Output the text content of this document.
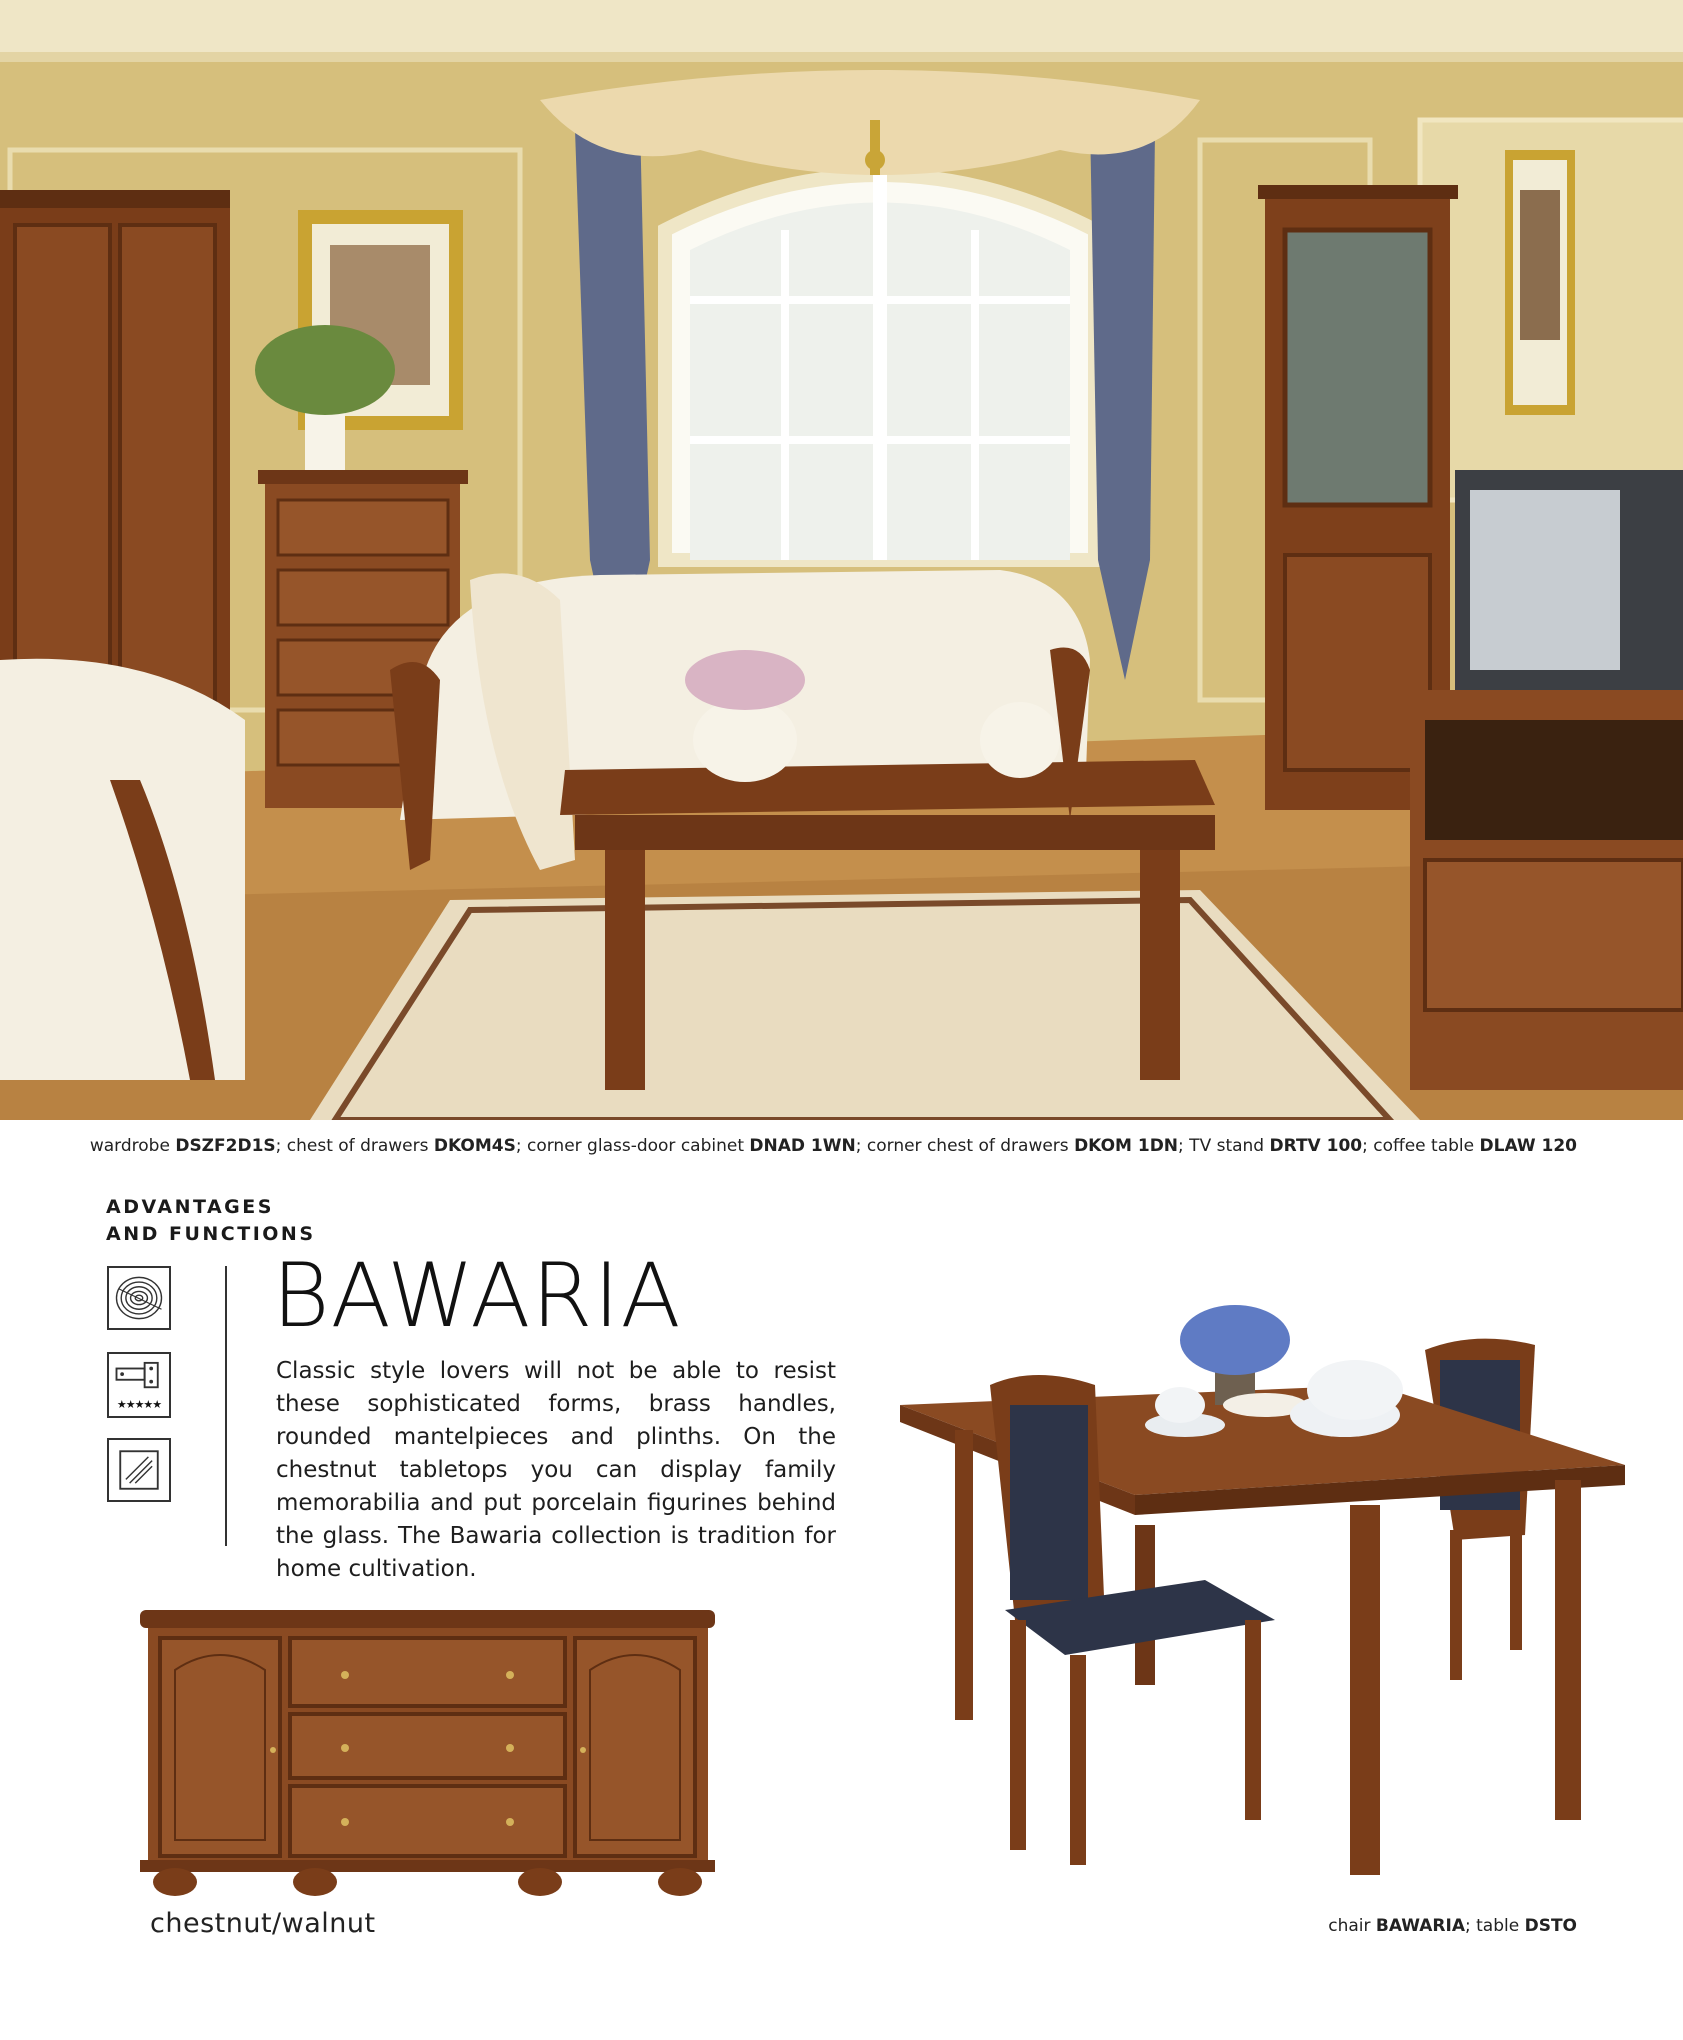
wardrobe DSZF2D1S; chest of drawers DKOM4S; corner glass-door cabinet DNAD 1WN; corner chest of drawers DKOM 1DN; TV stand DRTV 100; coffee table DLAW 120
ADVANTAGES
AND FUNCTIONS
★★★★★
BAWARIA
Classic style lovers will not be able to resist these sophisticated forms, brass handles, rounded mantelpieces and plinths. On the chestnut tabletops you can display family memorabilia and put porcelain figurines behind the glass. The Bawaria collection is tradition for home cultivation.
chestnut/walnut	chair BAWARIA; table DSTO
